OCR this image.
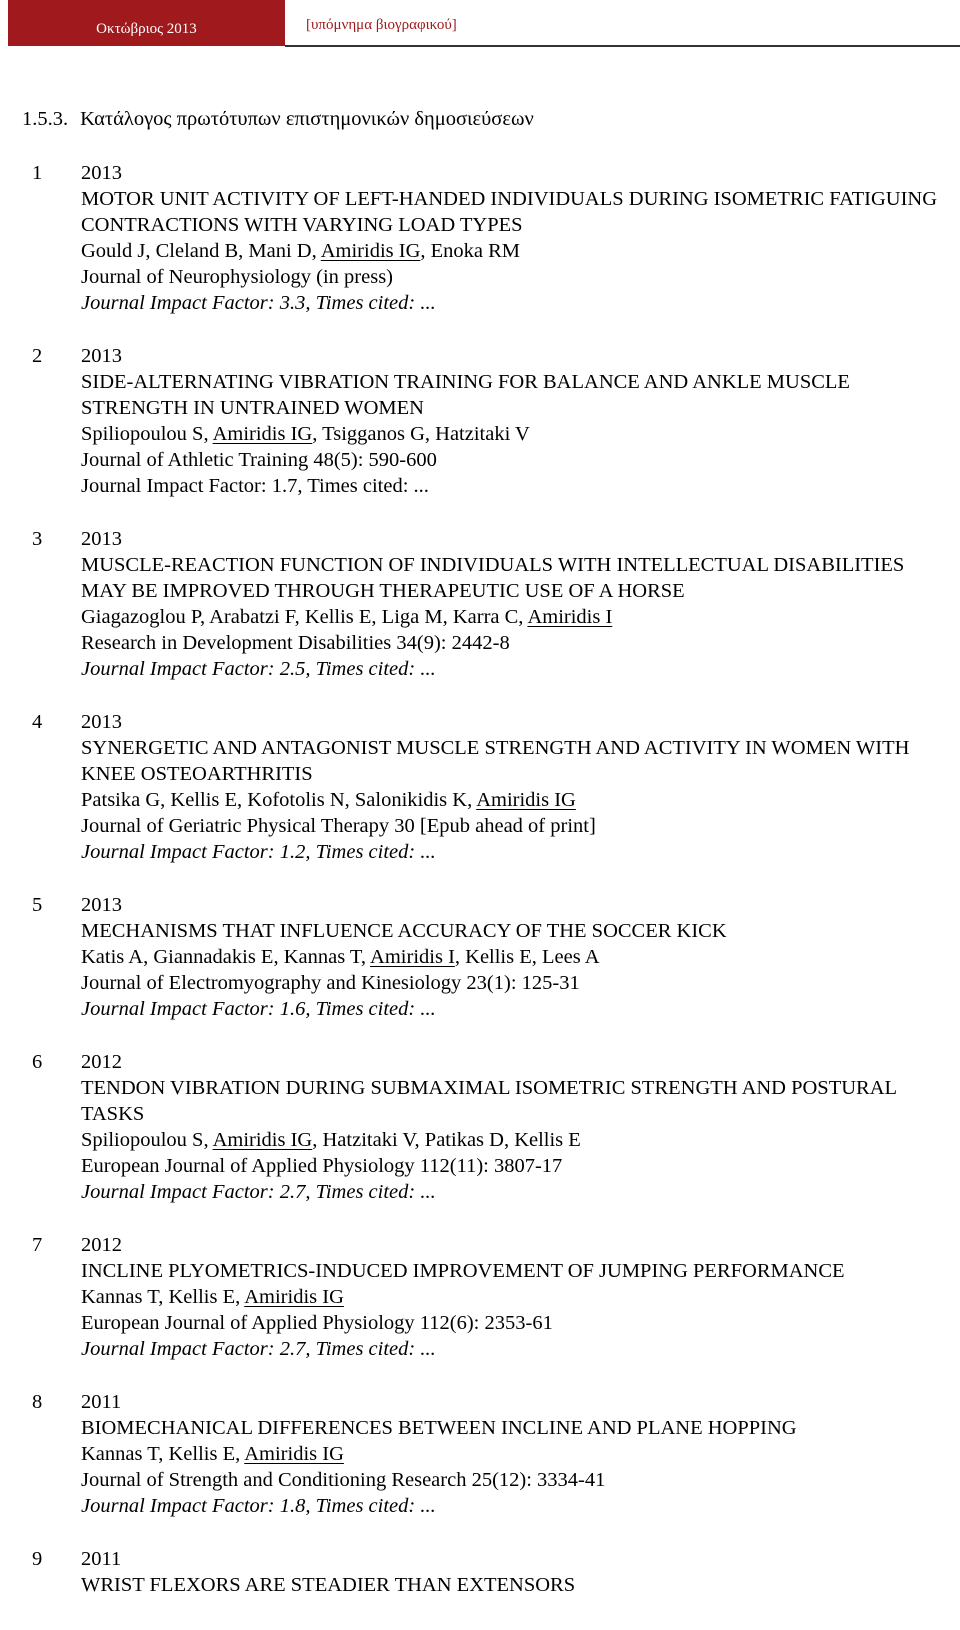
Οκτώβριος 2013	[υπόμνημα βιογραφικού]
1.5.3. Κατάλογος πρωτότυπων επιστημονικών δημοσιεύσεων
1 2013
MOTOR UNIT ACTIVITY OF LEFT-HANDED INDIVIDUALS DURING ISOMETRIC FATIGUING CONTRACTIONS WITH VARYING LOAD TYPES
Gould J, Cleland B, Mani D, Amiridis IG, Enoka RM
Journal of Neurophysiology (in press)
Journal Impact Factor: 3.3, Times cited: ...
2 2013
SIDE-ALTERNATING VIBRATION TRAINING FOR BALANCE AND ANKLE MUSCLE STRENGTH IN UNTRAINED WOMEN
Spiliopoulou S, Amiridis IG, Tsigganos G, Hatzitaki V
Journal of Athletic Training 48(5): 590-600
Journal Impact Factor: 1.7, Times cited: ...
3 2013
MUSCLE-REACTION FUNCTION OF INDIVIDUALS WITH INTELLECTUAL DISABILITIES MAY BE IMPROVED THROUGH THERAPEUTIC USE OF A HORSE
Giagazoglou P, Arabatzi F, Kellis E, Liga M, Karra C, Amiridis I
Research in Development Disabilities 34(9): 2442-8
Journal Impact Factor: 2.5, Times cited: ...
4 2013
SYNERGETIC AND ANTAGONIST MUSCLE STRENGTH AND ACTIVITY IN WOMEN WITH KNEE OSTEOARTHRITIS
Patsika G, Kellis E, Kofotolis N, Salonikidis K, Amiridis IG
Journal of Geriatric Physical Therapy 30 [Epub ahead of print]
Journal Impact Factor: 1.2, Times cited: ...
5 2013
MECHANISMS THAT INFLUENCE ACCURACY OF THE SOCCER KICK
Katis A, Giannadakis E, Kannas T, Amiridis I, Kellis E, Lees A
Journal of Electromyography and Kinesiology 23(1): 125-31
Journal Impact Factor: 1.6, Times cited: ...
6 2012
TENDON VIBRATION DURING SUBMAXIMAL ISOMETRIC STRENGTH AND POSTURAL TASKS
Spiliopoulou S, Amiridis IG, Hatzitaki V, Patikas D, Kellis E
European Journal of Applied Physiology 112(11): 3807-17
Journal Impact Factor: 2.7, Times cited: ...
7 2012
INCLINE PLYOMETRICS-INDUCED IMPROVEMENT OF JUMPING PERFORMANCE
Kannas T, Kellis E, Amiridis IG
European Journal of Applied Physiology 112(6): 2353-61
Journal Impact Factor: 2.7, Times cited: ...
8 2011
BIOMECHANICAL DIFFERENCES BETWEEN INCLINE AND PLANE HOPPING
Kannas T, Kellis E, Amiridis IG
Journal of Strength and Conditioning Research 25(12): 3334-41
Journal Impact Factor: 1.8, Times cited: ...
9 2011
WRIST FLEXORS ARE STEADIER THAN EXTENSORS
